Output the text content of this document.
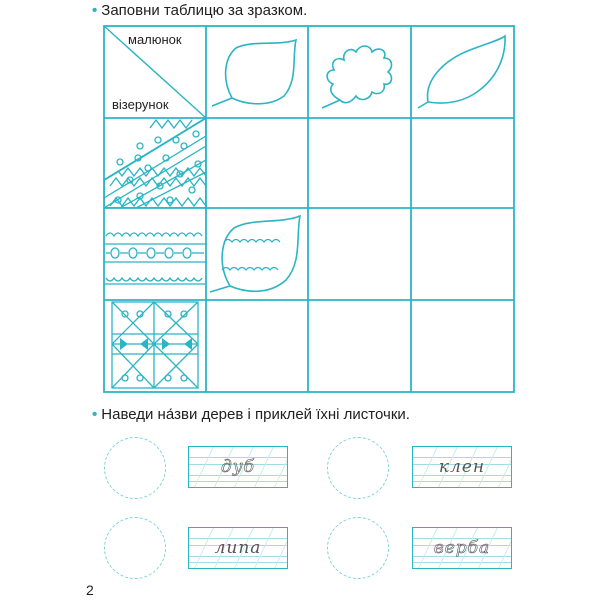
• Заповни таблицю за зразком.
малюнок
візерунок
• Наведи на́зви дерев і приклей їхні листочки.
дуб	клен
липа	верба
2
